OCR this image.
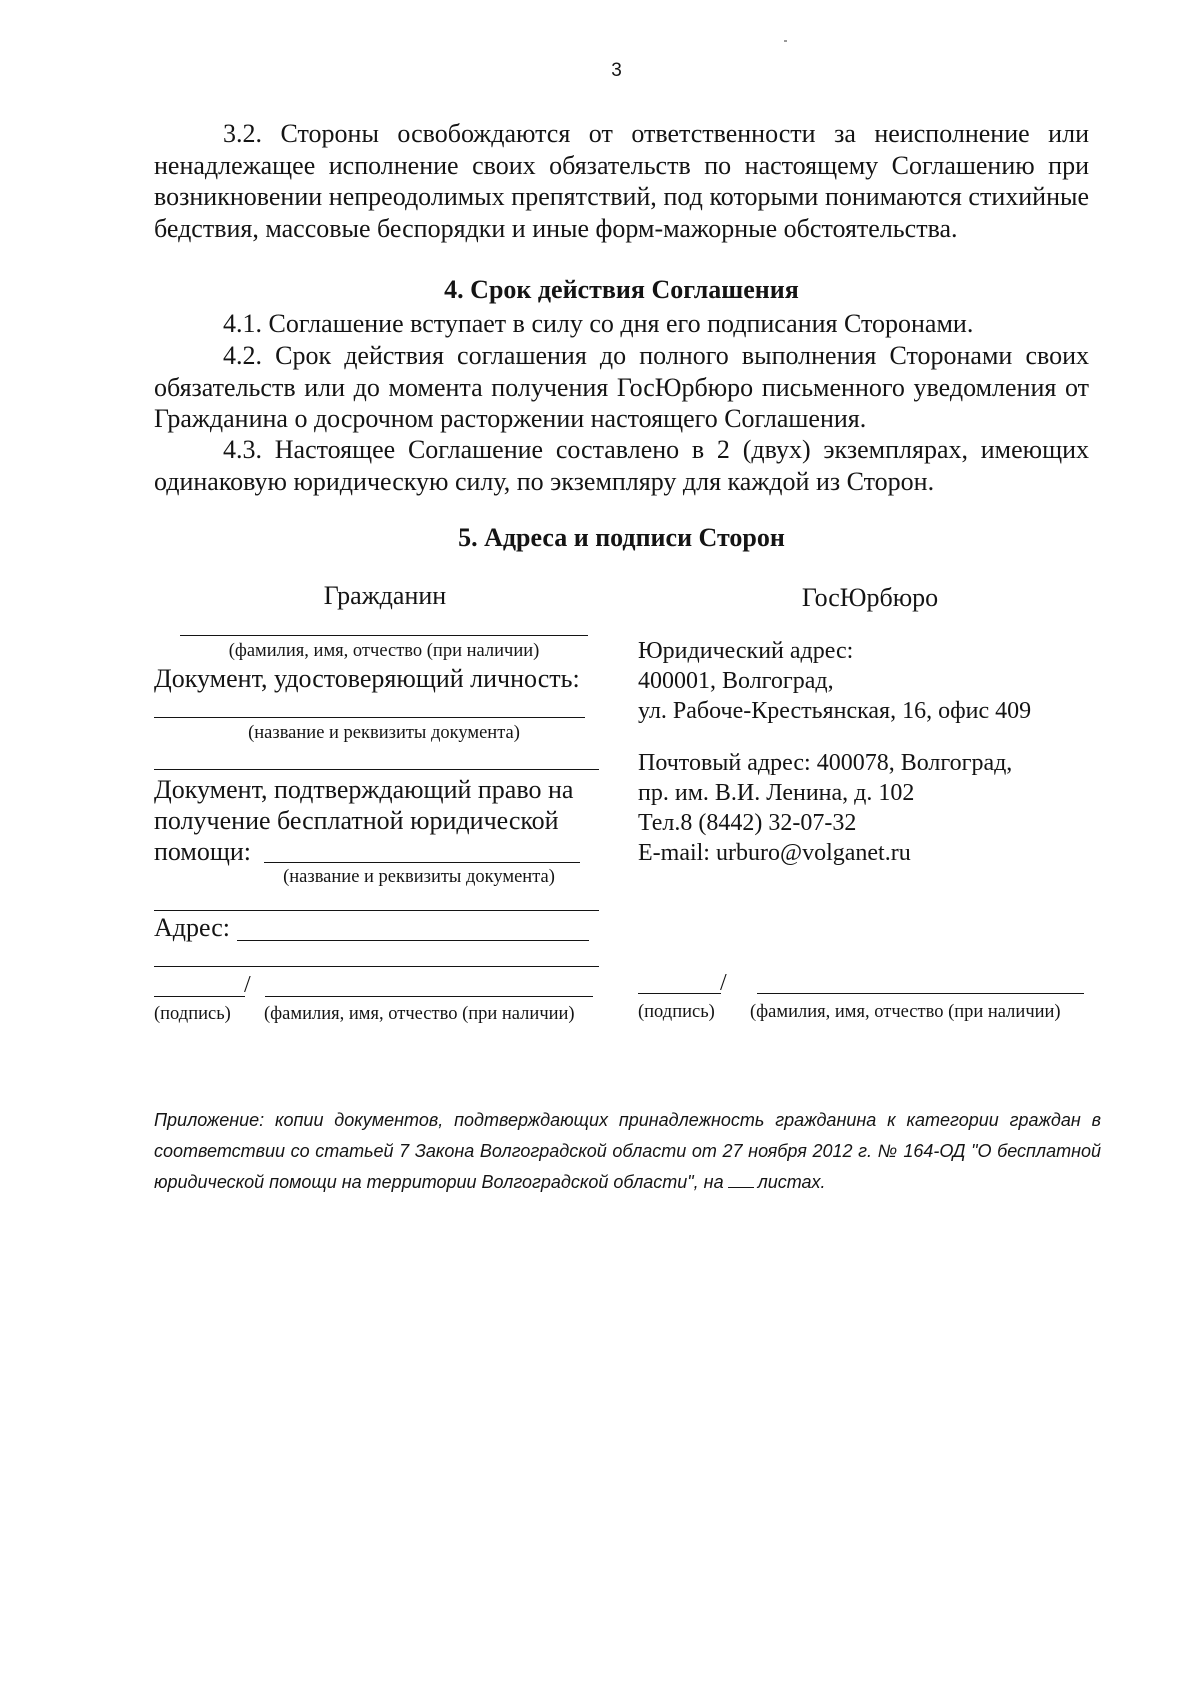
3
3.2. Стороны освобождаются от ответственности за неисполнение или ненадлежащее исполнение своих обязательств по настоящему Соглашению при возникновении непреодолимых препятствий, под которыми понимаются стихийные бедствия, массовые беспорядки и иные форм-мажорные обстоятельства.
4. Срок действия Соглашения
4.1. Соглашение вступает в силу со дня его подписания Сторонами.
4.2. Срок действия соглашения до полного выполнения Сторонами своих обязательств или до момента получения ГосЮрбюро письменного уведомления от Гражданина о досрочном расторжении настоящего Соглашения.
4.3. Настоящее Соглашение составлено в 2 (двух) экземплярах, имеющих одинаковую юридическую силу, по экземпляру для каждой из Сторон.
5. Адреса и подписи Сторон
Гражданин
(фамилия, имя, отчество (при наличии)
Документ, удостоверяющий личность:
(название и реквизиты документа)
Документ, подтверждающий право на
получение бесплатной юридической
помощи:
(название и реквизиты документа)
Адрес:
/
(подпись) (фамилия, имя, отчество (при наличии)
ГосЮрбюро
Юридический адрес:
400001, Волгоград,
ул. Рабоче-Крестьянская, 16, офис 409
Почтовый адрес: 400078, Волгоград,
пр. им. В.И. Ленина, д. 102
Тел.8 (8442) 32-07-32
E-mail: urburo@volganet.ru
/
(подпись) (фамилия, имя, отчество (при наличии)
Приложение: копии документов, подтверждающих принадлежность гражданина к категории граждан в соответствии со статьей 7 Закона Волгоградской области от 27 ноября 2012 г. № 164-ОД "О бесплатной юридической помощи на территории Волгоградской области", на листах.
